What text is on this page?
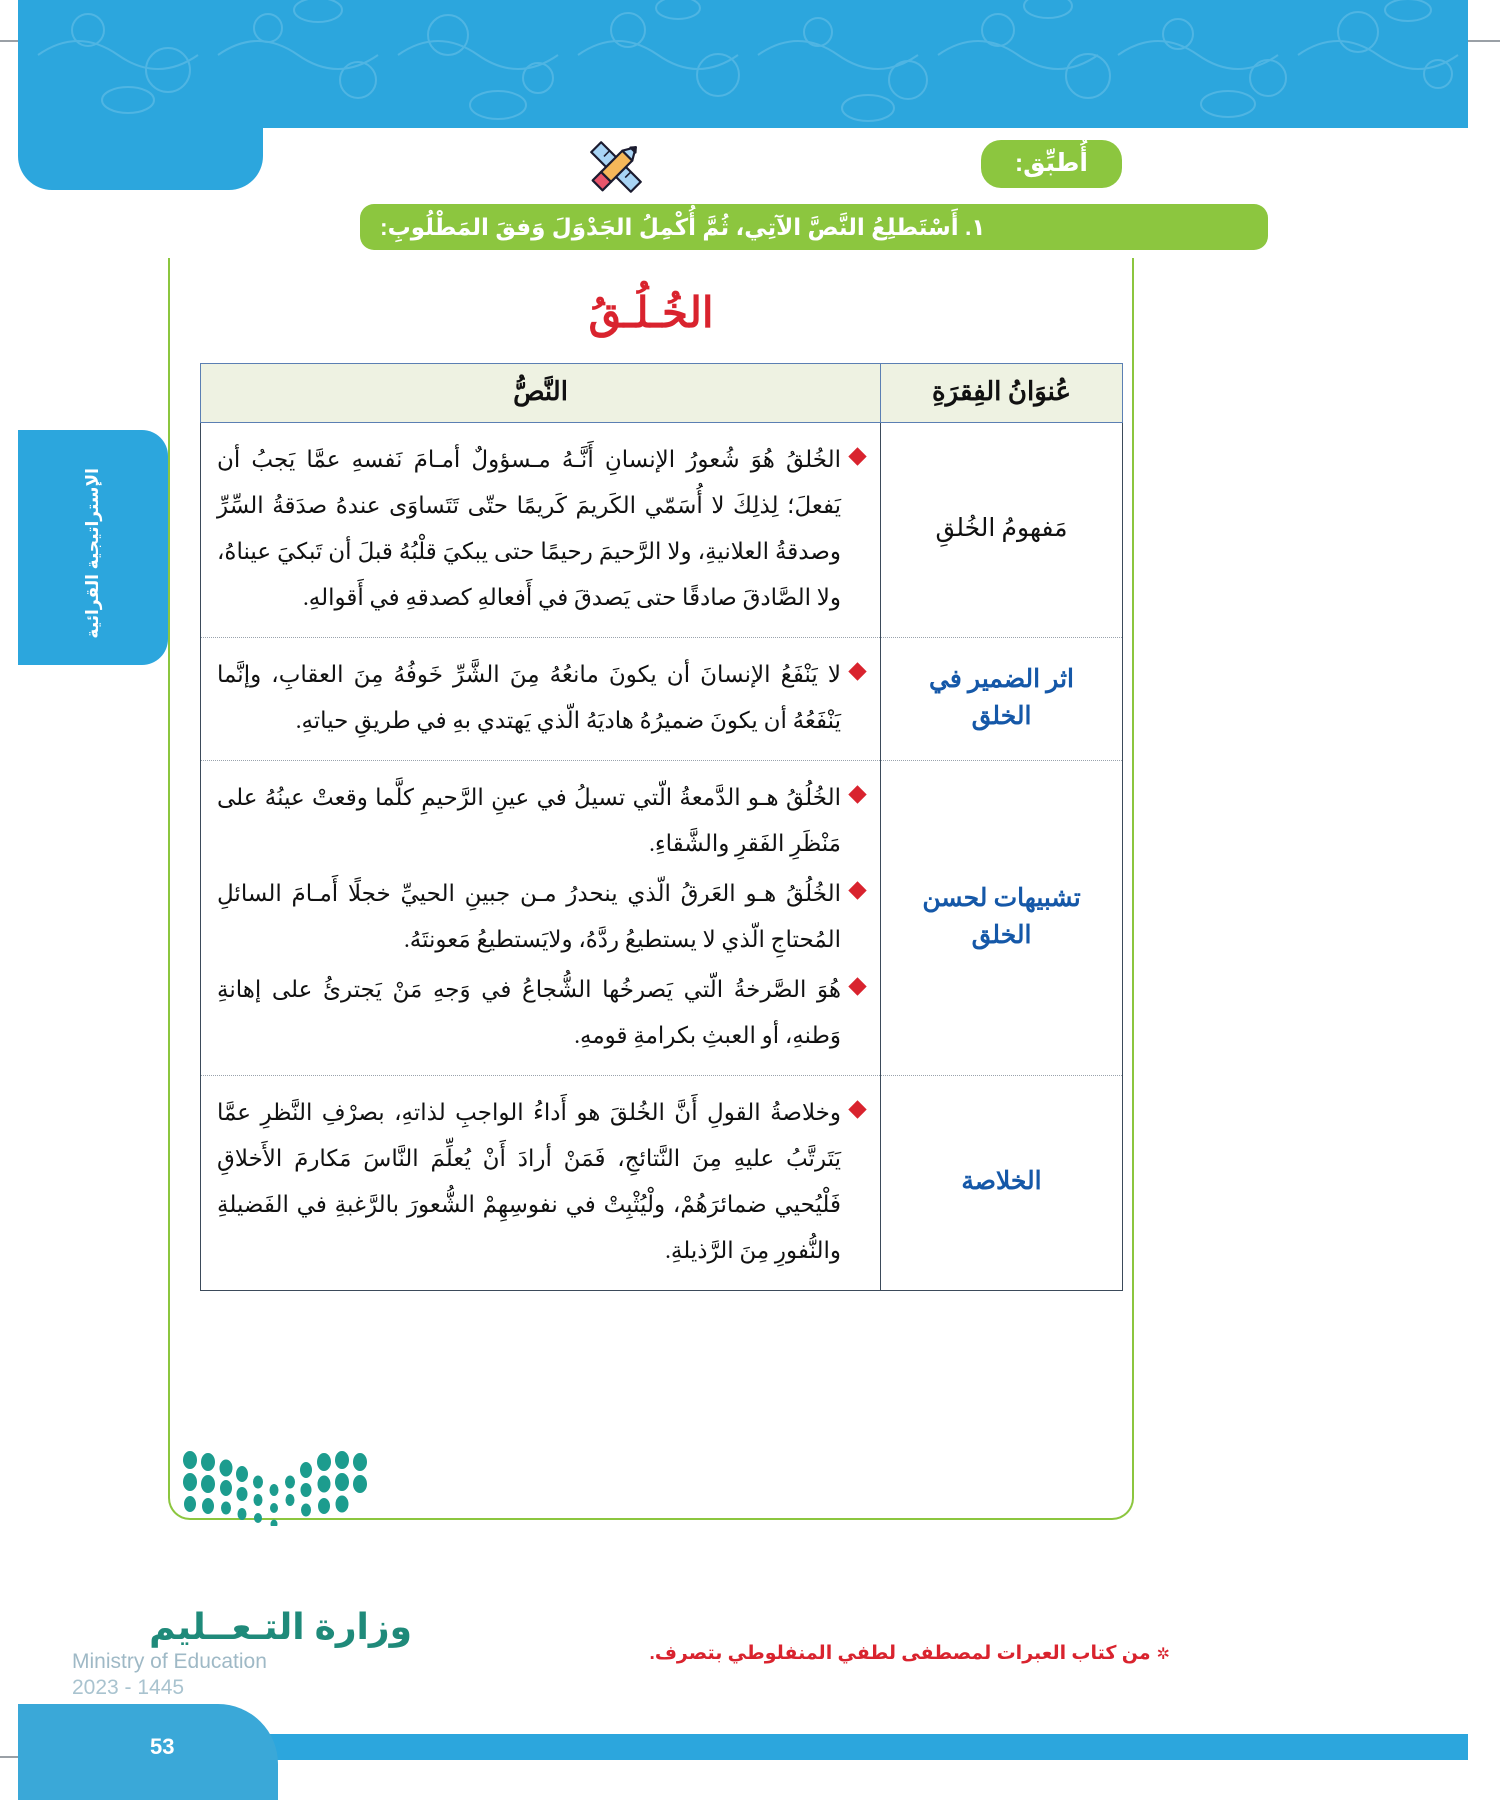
الإستراتيجية القرائية
أُطبِّق:
١. أَسْتَطلِعُ النَّصَّ الآتِي، ثُمَّ أُكْمِلُ الجَدْوَلَ وَفقَ المَطْلُوبِ:
الخُـلُـقُ
عُنوَانُ الفِقرَةِ	النَّصُّ
مَفهومُ الخُلقِ	الخُلقُ هُوَ شُعورُ الإنسانِ أَنَّـهُ مـسؤولٌ أمـامَ نَفسهِ عمَّا يَجبُ أن يَفعلَ؛ لِذلِكَ لا أُسَمّي الكَريمَ كَريمًا حتّى تَتَساوَى عندهُ صدَقةُ السِّرِّ وصدقةُ العلانيةِ، ولا الرَّحيمَ رحيمًا حتى يبكيَ قلْبُهُ قبلَ أن تَبكيَ عيناهُ، ولا الصَّادقَ صادقًا حتى يَصدقَ في أَفعالهِ كصدقهِ في أَقوالهِ.

اثر الضمير في الخلق	لا يَنْفَعُ الإنسانَ أن يكونَ مانعُهُ مِنَ الشَّرِّ خَوفُهُ مِنَ العقابِ، وإنَّما يَنْفَعُهُ أن يكونَ ضميرُهُ هاديَهُ الّذي يَهتدي بهِ في طريقِ حياتهِ.

تشبيهات لحسن الخلق	الخُلُقُ هـو الدَّمعةُ الّتي تسيلُ في عينِ الرَّحيمِ كلَّما وقعتْ عينُهُ على مَنْظَرِ الفَقرِ والشَّقاءِ.
الخُلُقُ هـو العَرقُ الّذي ينحدرُ مـن جبينِ الحييِّ خجلًا أَمـامَ السائلِ المُحتاجِ الّذي لا يستطيعُ ردَّهُ، ولايَستطيعُ مَعونتَهُ.
هُوَ الصَّرخةُ الّتي يَصرخُها الشُّجاعُ في وَجهِ مَنْ يَجترئُ على إهانةِ وَطنهِ، أو العبثِ بكرامةِ قومهِ.

الخلاصة	وخلاصةُ القولِ أَنَّ الخُلقَ هو أَداءُ الواجبِ لذاتهِ، بصرْفِ النَّظرِ عمَّا يَتَرتَّبُ عليهِ مِنَ النَّتائجِ، فَمَنْ أرادَ أَنْ يُعلِّمَ النَّاسَ مَكارمَ الأَخلاقِ فَلْيُحيي ضمائرَهُمْ، ولْيُثْبِتْ في نفوسِهِمْ الشُّعورَ بالرَّغبةِ في الفَضيلةِ والنُّفورِ مِنَ الرَّذيلةِ.
✲من كتاب العبرات لمصطفى لطفي المنفلوطي بتصرف.
وزارة التـعــليم
Ministry of Education
2023 - 1445
53
